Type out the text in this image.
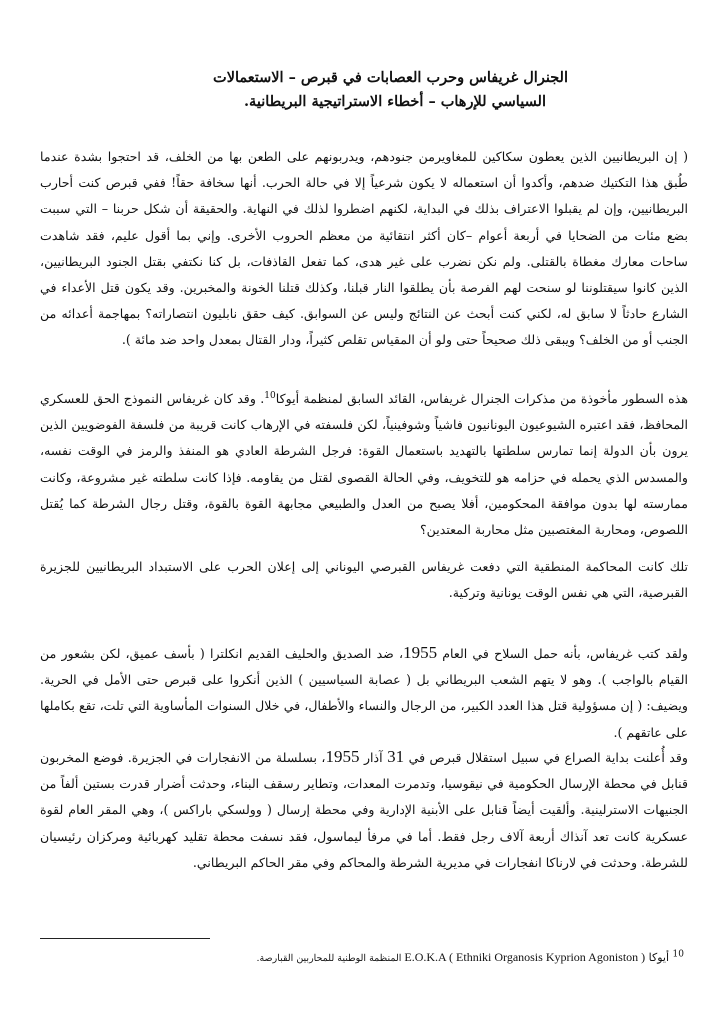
الجنرال غريفاس وحرب العصابات في قبرص – الاستعمالات

السياسي للإرهاب – أخطاء الاستراتيجية البريطانية.

( إن البريطانيين الذين يعطون سكاكين للمغاويرمن جنودهم، ويدربونهم على الطعن بها من الخلف، قد احتجوا بشدة عندما طُبق هذا التكتيك ضدهم، وأكدوا أن استعماله لا يكون شرعياً إلا في حالة الحرب. أنها سخافة حقاً! ففي قبرص كنت أحارب البريطانيين، وإن لم يقبلوا الاعتراف بذلك في البداية، لكنهم اضطروا لذلك في النهاية. والحقيقة أن شكل حربنا – التي سببت بضع مئات من الضحايا في أربعة أعوام –كان أكثر انتقائية من معظم الحروب الأخرى. وإني بما أقول عليم، فقد شاهدت ساحات معارك مغطاة بالقتلى. ولم نكن نضرب على غير هدى، كما تفعل القاذفات، بل كنا نكتفي بقتل الجنود البريطانيين، الذين كانوا سيقتلوننا لو سنحت لهم الفرصة بأن يطلقوا النار قبلنا، وكذلك قتلنا الخونة والمخبرين. وقد يكون قتل الأعداء في الشارع حادثاً لا سابق له، لكني كنت أبحث عن النتائج وليس عن السوابق. كيف حقق نابليون انتصاراته؟ بمهاجمة أعدائه من الجنب أو من الخلف؟ ويبقى ذلك صحيحاً حتى ولو أن المقياس تقلص كثيراً، ودار القتال بمعدل واحد ضد مائة ).

هذه السطور مأخوذة من مذكرات الجنرال غريفاس، القائد السابق لمنظمة أيوكا$^{10}$. وقد كان غريفاس النموذج الحق للعسكري المحافظ، فقد اعتبره الشيوعيون اليونانيون فاشياً وشوفينياً، لكن فلسفته في الإرهاب كانت قريبة من فلسفة الفوضويين الذين يرون بأن الدولة إنما تمارس سلطتها بالتهديد باستعمال القوة: فرجل الشرطة العادي هو المنفذ والرمز في الوقت نفسه، والمسدس الذي يحمله في حزامه هو للتخويف، وفي الحالة القصوى لقتل من يقاومه. فإذا كانت سلطته غير مشروعة، وكانت ممارسته لها بدون موافقة المحكومين، أفلا يصبح من العدل والطبيعي مجابهة القوة بالقوة، وقتل رجال الشرطة كما يُقتل اللصوص، ومحاربة المغتصبين مثل محاربة المعتدين؟

تلك كانت المحاكمة المنطقية التي دفعت غريفاس القبرصي اليوناني إلى إعلان الحرب على الاستبداد البريطانيين للجزيرة القبرصية، التي هي نفس الوقت يونانية وتركية.

ولقد كتب غريفاس، بأنه حمل السلاح في العام 1955، ضد الصديق والحليف القديم انكلترا ( بأسف عميق، لكن بشعور من القيام بالواجب ). وهو لا يتهم الشعب البريطاني بل ( عصابة السياسيين ) الذين أنكروا على قبرص حتى الأمل في الحرية. ويضيف: ( إن مسؤولية قتل هذا العدد الكبير، من الرجال والنساء والأطفال، في خلال السنوات المأساوية التي تلت، تقع بكاملها على عاتقهم ).

وقد أُعلنت بداية الصراع في سبيل استقلال قبرص في 31 آذار 1955، بسلسلة من الانفجارات في الجزيرة. فوضع المخربون قنابل في محطة الإرسال الحكومية في نيقوسيا، وتدمرت المعدات، وتطاير رسقف البناء، وحدثت أضرار قدرت بستين ألفاً من الجنيهات الاسترلينية. وألقيت أيضاً قنابل على الأبنية الإدارية وفي محطة إرسال ( وولسكي باراكس )، وهي المقر العام لقوة عسكرية كانت تعد آنذاك أربعة آلاف رجل فقط. أما في مرفأ ليماسول، فقد نسفت محطة تقليد كهربائية ومركزان رئيسيان للشرطة. وحدثت في لارناكا انفجارات في مديرية الشرطة والمحاكم وفي مقر الحاكم البريطاني.

$^{10}$ أيوكا E.O.K.A ( Ethniki Organosis Kyprion Agoniston ) المنظمة الوطنية للمحاربين القبارصة.
